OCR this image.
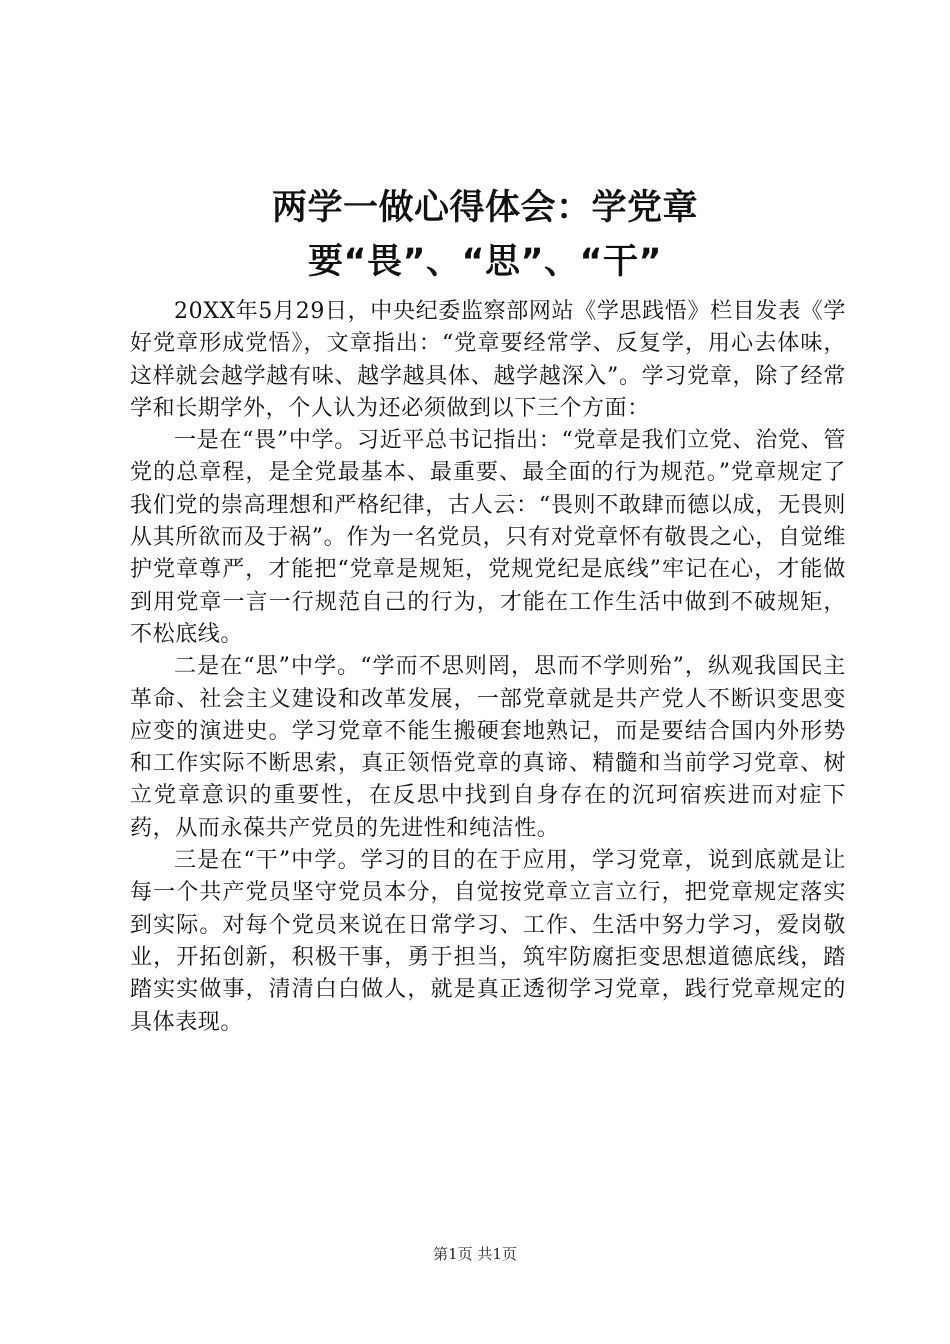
两学一做心得体会：学党章要“畏”、“思”、“干”

20XX年5月29日，中央纪委监察部网站《学思践悟》栏目发表《学好党章形成党悟》，文章指出：“党章要经常学、反复学，用心去体味，这样就会越学越有味、越学越具体、越学越深入”。学习党章，除了经常学和长期学外，个人认为还必须做到以下三个方面：

一是在“畏”中学。习近平总书记指出：“党章是我们立党、治党、管党的总章程，是全党最基本、最重要、最全面的行为规范。”党章规定了我们党的崇高理想和严格纪律，古人云：“畏则不敢肆而德以成，无畏则从其所欲而及于祸”。作为一名党员，只有对党章怀有敬畏之心，自觉维护党章尊严，才能把“党章是规矩，党规党纪是底线”牢记在心，才能做到用党章一言一行规范自己的行为，才能在工作生活中做到不破规矩，不松底线。

二是在“思”中学。“学而不思则罔，思而不学则殆”，纵观我国民主革命、社会主义建设和改革发展，一部党章就是共产党人不断识变思变应变的演进史。学习党章不能生搬硬套地熟记，而是要结合国内外形势和工作实际不断思索，真正领悟党章的真谛、精髓和当前学习党章、树立党章意识的重要性，在反思中找到自身存在的沉珂宿疾进而对症下药，从而永葆共产党员的先进性和纯洁性。

三是在“干”中学。学习的目的在于应用，学习党章，说到底就是让每一个共产党员坚守党员本分，自觉按党章立言立行，把党章规定落实到实际。对每个党员来说在日常学习、工作、生活中努力学习，爱岗敬业，开拓创新，积极干事，勇于担当，筑牢防腐拒变思想道德底线，踏踏实实做事，清清白白做人，就是真正透彻学习党章，践行党章规定的具体表现。

第1页 共1页
